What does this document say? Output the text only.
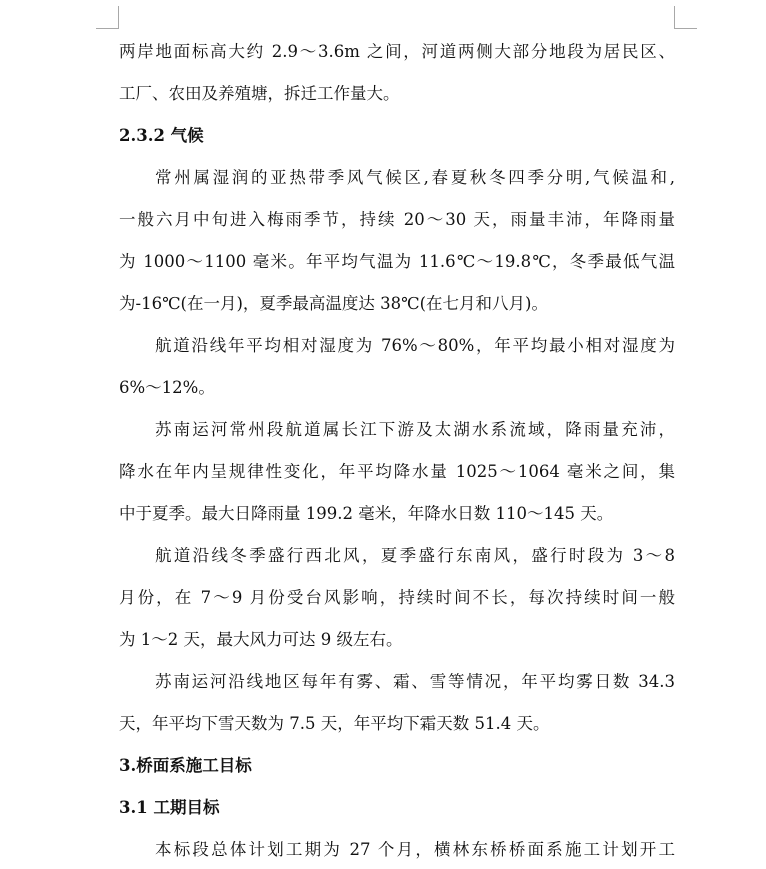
两岸地面标高大约 2.9～3.6m 之间，河道两侧大部分地段为居民区、
工厂、农田及养殖塘，拆迁工作量大。
2.3.2 气候
常州属湿润的亚热带季风气候区,春夏秋冬四季分明,气候温和,
一般六月中旬进入梅雨季节，持续 20～30 天，雨量丰沛，年降雨量
为 1000～1100 毫米。年平均气温为 11.6℃～19.8℃，冬季最低气温
为-16℃(在一月)，夏季最高温度达 38℃(在七月和八月)。
航道沿线年平均相对湿度为 76%～80%，年平均最小相对湿度为
6%～12%。
苏南运河常州段航道属长江下游及太湖水系流域，降雨量充沛，
降水在年内呈规律性变化，年平均降水量 1025～1064 毫米之间，集
中于夏季。最大日降雨量 199.2 毫米，年降水日数 110～145 天。
航道沿线冬季盛行西北风，夏季盛行东南风，盛行时段为 3～8
月份，在 7～9 月份受台风影响，持续时间不长，每次持续时间一般
为 1～2 天，最大风力可达 9 级左右。
苏南运河沿线地区每年有雾、霜、雪等情况，年平均雾日数 34.3
天，年平均下雪天数为 7.5 天，年平均下霜天数 51.4 天。
3.桥面系施工目标
3.1 工期目标
本标段总体计划工期为 27 个月，横林东桥桥面系施工计划开工
